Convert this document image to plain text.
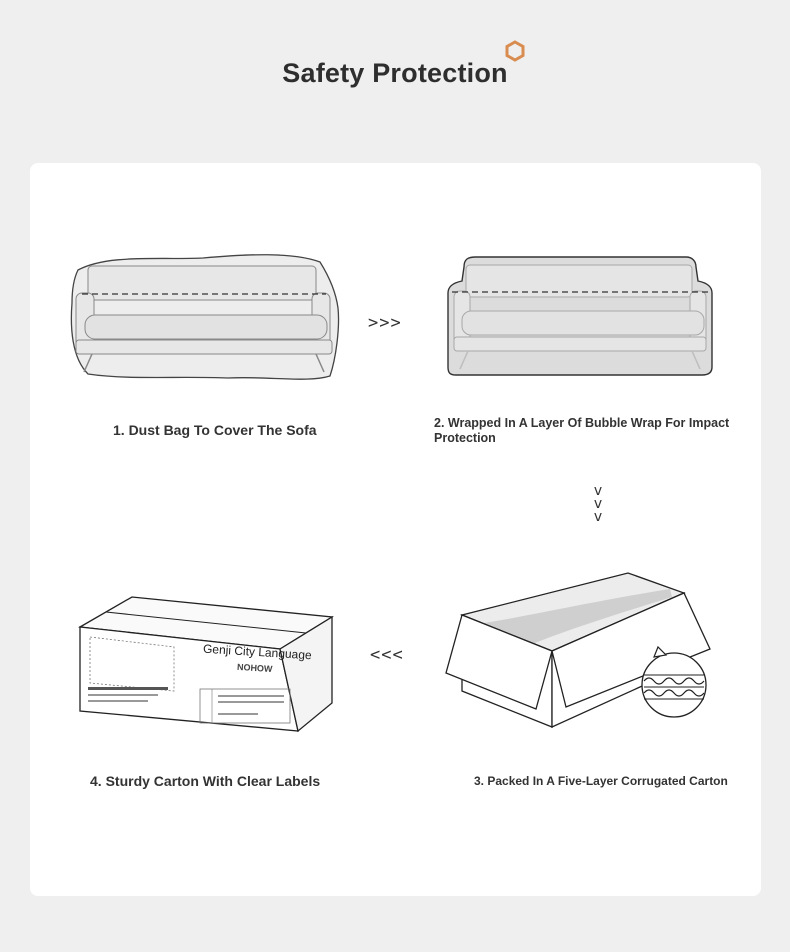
Safety Protection
>>>
1. Dust Bag To Cover The Sofa	2. Wrapped In A Layer Of Bubble Wrap For Impact Protection
v
v
v
Genji City Language
NOHOW
<<<
4. Sturdy Carton With Clear Labels	3. Packed In A Five-Layer Corrugated Carton
